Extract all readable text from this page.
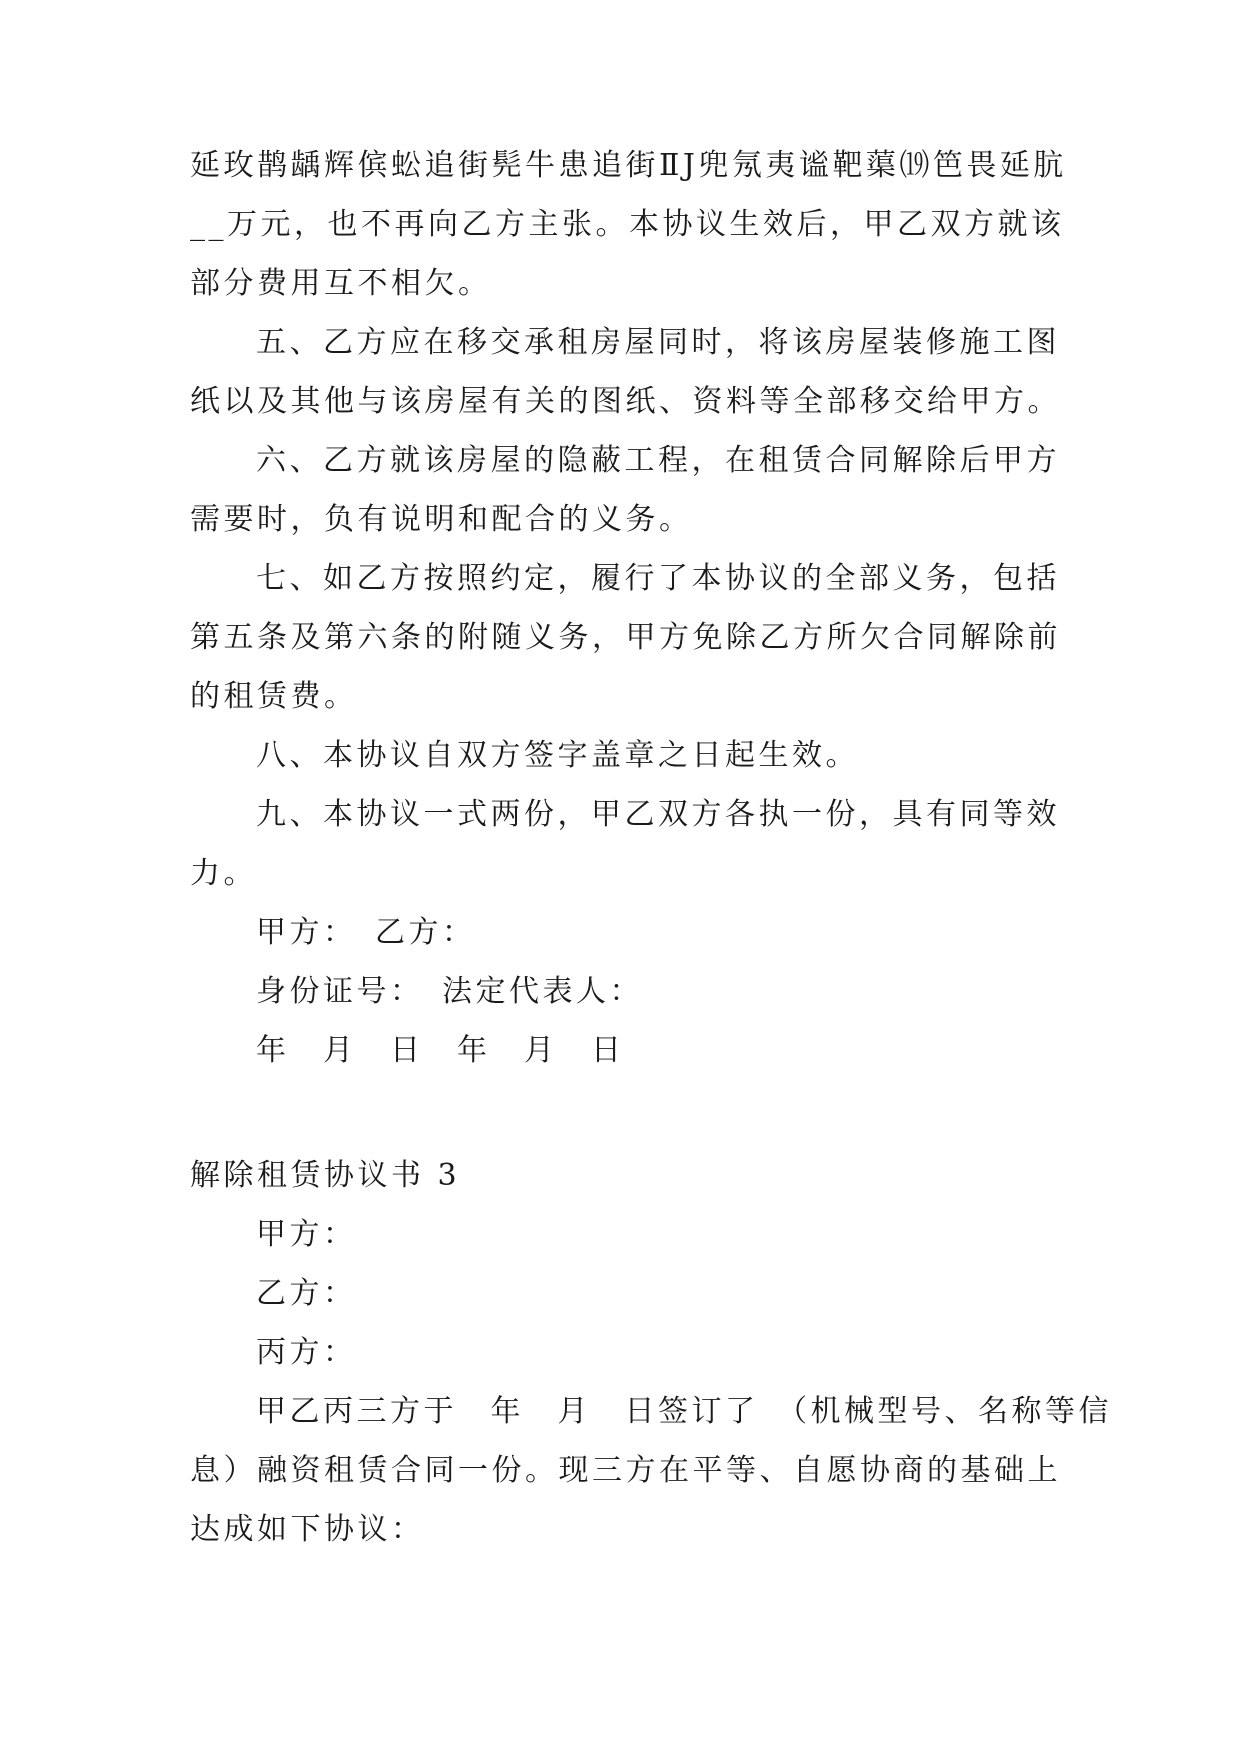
延玫鹊龋辉傧蚣追街髡牛患追街ⅡJ兜氖夷谧靶蕖⒆笆畏延肮
__万元，也不再向乙方主张。本协议生效后，甲乙双方就该
部分费用互不相欠。
五、乙方应在移交承租房屋同时，将该房屋装修施工图
纸以及其他与该房屋有关的图纸、资料等全部移交给甲方。
六、乙方就该房屋的隐蔽工程，在租赁合同解除后甲方
需要时，负有说明和配合的义务。
七、如乙方按照约定，履行了本协议的全部义务，包括
第五条及第六条的附随义务，甲方免除乙方所欠合同解除前
的租赁费。
八、本协议自双方签字盖章之日起生效。
九、本协议一式两份，甲乙双方各执一份，具有同等效
力。
甲方：　乙方：
身份证号：　法定代表人：
年　月　日　年　月　日
解除租赁协议书 3
甲方：
乙方：
丙方：
甲乙丙三方于　年　月　日签订了　（机械型号、名称等信
息）融资租赁合同一份。现三方在平等、自愿协商的基础上
达成如下协议：
